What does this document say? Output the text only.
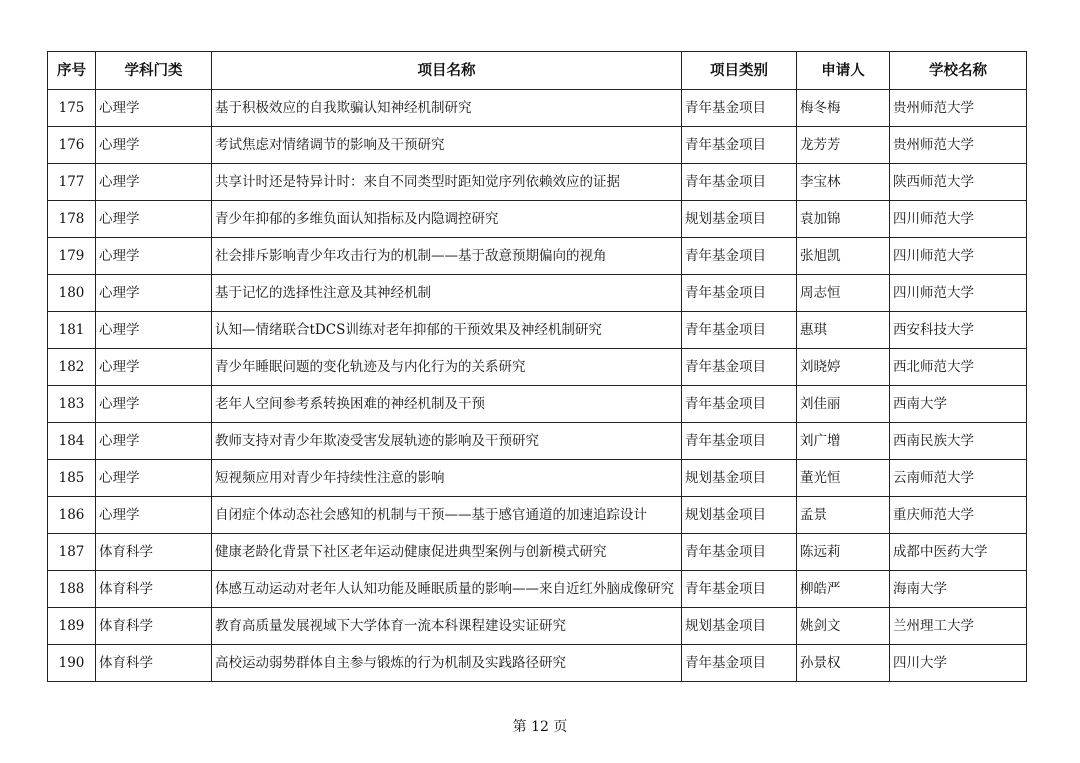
序号	学科门类	项目名称	项目类别	申请人	学校名称
175	心理学	基于积极效应的自我欺骗认知神经机制研究	青年基金项目	梅冬梅	贵州师范大学
176	心理学	考试焦虑对情绪调节的影响及干预研究	青年基金项目	龙芳芳	贵州师范大学
177	心理学	共享计时还是特异计时：来自不同类型时距知觉序列依赖效应的证据	青年基金项目	李宝林	陕西师范大学
178	心理学	青少年抑郁的多维负面认知指标及内隐调控研究	规划基金项目	袁加锦	四川师范大学
179	心理学	社会排斥影响青少年攻击行为的机制——基于敌意预期偏向的视角	青年基金项目	张旭凯	四川师范大学
180	心理学	基于记忆的选择性注意及其神经机制	青年基金项目	周志恒	四川师范大学
181	心理学	认知—情绪联合tDCS训练对老年抑郁的干预效果及神经机制研究	青年基金项目	惠琪	西安科技大学
182	心理学	青少年睡眠问题的变化轨迹及与内化行为的关系研究	青年基金项目	刘晓婷	西北师范大学
183	心理学	老年人空间参考系转换困难的神经机制及干预	青年基金项目	刘佳丽	西南大学
184	心理学	教师支持对青少年欺凌受害发展轨迹的影响及干预研究	青年基金项目	刘广增	西南民族大学
185	心理学	短视频应用对青少年持续性注意的影响	规划基金项目	董光恒	云南师范大学
186	心理学	自闭症个体动态社会感知的机制与干预——基于感官通道的加速追踪设计	规划基金项目	孟景	重庆师范大学
187	体育科学	健康老龄化背景下社区老年运动健康促进典型案例与创新模式研究	青年基金项目	陈远莉	成都中医药大学
188	体育科学	体感互动运动对老年人认知功能及睡眠质量的影响——来自近红外脑成像研究	青年基金项目	柳皓严	海南大学
189	体育科学	教育高质量发展视域下大学体育一流本科课程建设实证研究	规划基金项目	姚剑文	兰州理工大学
190	体育科学	高校运动弱势群体自主参与锻炼的行为机制及实践路径研究	青年基金项目	孙景权	四川大学
第 12 页
